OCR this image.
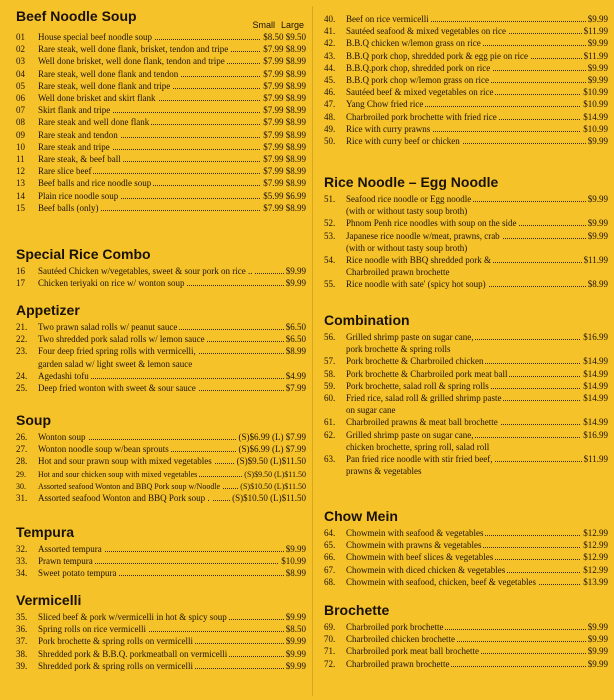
Beef Noodle Soup
Small Large
01 House special beef noodle soup	$8.50 $9.50
02 Rare steak, well done flank, brisket, tendon and tripe	$7.99 $8.99
03 Well done brisket, well done flank, tendon and tripe	$7.99 $8.99
04 Rare steak, well done flank and tendon	$7.99 $8.99
05 Rare steak, well done flank and tripe	$7.99 $8.99
06 Well done brisket and skirt flank	$7.99 $8.99
07 Skirt flank and tripe	$7.99 $8.99
08 Rare steak and well done flank	$7.99 $8.99
09 Rare steak and tendon	$7.99 $8.99
10 Rare steak and tripe	$7.99 $8.99
11 Rare steak, & beef ball	$7.99 $8.99
12 Rare slice beef	$7.99 $8.99
13 Beef balls and rice noodle soup	$7.99 $8.99
14 Plain rice noodle soup	$5.99 $6.99
15 Beef balls (only)	$7.99 $8.99
Special Rice Combo
16 Sautéed Chicken w/vegetables, sweet & sour pork on rice ..	$9.99
17 Chicken teriyaki on rice w/ wonton soup	$9.99
Appetizer
21. Two prawn salad rolls w/ peanut sauce	$6.50
22. Two shredded pork salad rolls w/ lemon sauce	$6.50
23. Four deep fried spring rolls with vermicelli,	$8.99
garden salad w/ light sweet & lemon sauce
24. Agedashi tofu	$4.99
25. Deep fried wonton with sweet & sour sauce	$7.99
Soup
26. Wonton soup	(S)$6.99 (L) $7.99
27. Wonton noodle soup w/bean sprouts	(S)$6.99 (L) $7.99
28. Hot and sour prawn soup with mixed vegetables	(S)$9.50 (L)$11.50
29. Hot and sour chicken soup with mixed vegetables	(S)$9.50 (L)$11.50
30. Assorted seafood Wonton and BBQ Pork soup w/Noodle	(S)$10.50 (L)$11.50
31. Assorted seafood Wonton and BBQ Pork soup . (S)$10.50 (L)$11.50
Tempura
32. Assorted tempura	$9.99
33. Prawn tempura	$10.99
34. Sweet potato tempura	$8.99
Vermicelli
35. Sliced beef & pork w/vermicelli in hot & spicy soup	$9.99
36. Spring rolls on rice vermicelli	$8.50
37. Pork brochette & spring rolls on vermicelli	$9.99
38. Shredded pork & B.B.Q. porkmeatball on vermicelli	$9.99
39. Shredded pork & spring rolls on vermicelli	$9.99
40. Beef on rice vermicelli	$9.99
41. Sautéed seafood & mixed vegetables on rice	$11.99
42. B.B.Q chicken w/lemon grass on rice	$9.99
43. B.B.Q pork chop, shredded pork & egg pie on rice	$11.99
44. B.B.Q.pork chop, shredded pork on rice	$9.99
45. B.B.Q pork chop w/lemon grass on rice	$9.99
46. Sautéed beef & mixed vegetables on rice	$10.99
47. Yang Chow fried rice	$10.99
48. Charbroiled pork brochette with fried rice	$14.99
49. Rice with curry prawns	$10.99
50. Rice with curry beef or chicken	$9.99
Rice Noodle – Egg Noodle
51. Seafood rice noodle or Egg noodle	$9.99
(with or without tasty soup broth)
52. Phnom Penh rice noodles with soup on the side	$9.99
53. Japanese rice noodle w/meat, prawns, crab	$9.99
(with or without tasty soup broth)
54. Rice noodle with BBQ shredded pork &	$11.99
Charbroiled prawn brochette
55. Rice noodle with sate' (spicy hot soup)	$8.99
Combination
56. Grilled shrimp paste on sugar cane,	$16.99
pork brochette & spring rolls
57. Pork brochette & Charbroiled chicken	$14.99
58. Pork brochette & Charbroiled pork meat ball	$14.99
59. Pork brochette, salad roll & spring rolls	$14.99
60. Fried rice, salad roll & grilled shrimp paste	$14.99
on sugar cane
61. Charbroiled prawns & meat ball brochette	$14.99
62. Grilled shrimp paste on sugar cane,	$16.99
chicken brochette, spring roll, salad roll
63. Pan fried rice noodle with stir fried beef,	$11.99
prawns & vegetables
Chow Mein
64. Chowmein with seafood & vegetables	$12.99
65. Chowmein with prawns & vegetables	$12.99
66. Chowmein with beef slices & vegetables	$12.99
67. Chowmein with diced chicken & vegetables	$12.99
68. Chowmein with seafood, chicken, beef & vegetables	$13.99
Brochette
69. Charbroiled pork brochette	$9.99
70. Charbroiled chicken brochette	$9.99
71. Charbroiled pork meat ball brochette	$9.99
72. Charbroiled prawn brochette	$9.99
